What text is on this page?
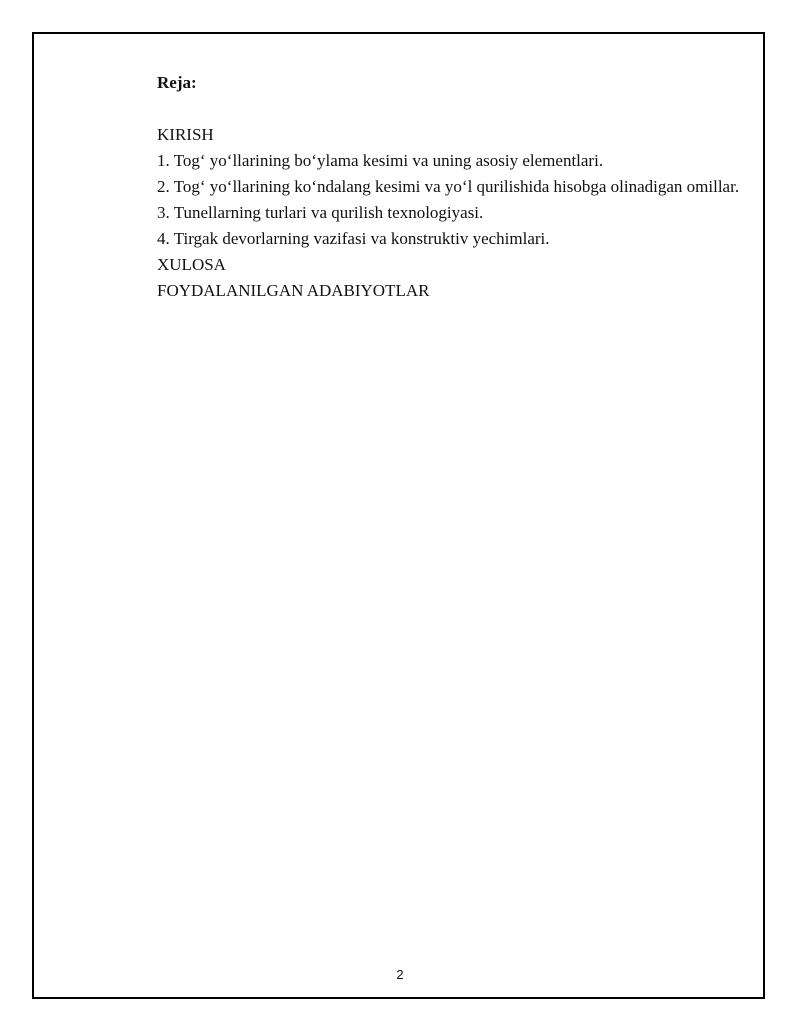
Reja:
KIRISH
1. Tog‘ yo‘llarining bo‘ylama kesimi va uning asosiy elementlari.
2. Tog‘ yo‘llarining ko‘ndalang kesimi va yo‘l qurilishida hisobga olinadigan omillar.
3. Tunellarning turlari va qurilish texnologiyasi.
4. Tirgak devorlarning vazifasi va konstruktiv yechimlari.
XULOSA
FOYDALANILGAN ADABIYOTLAR
2
